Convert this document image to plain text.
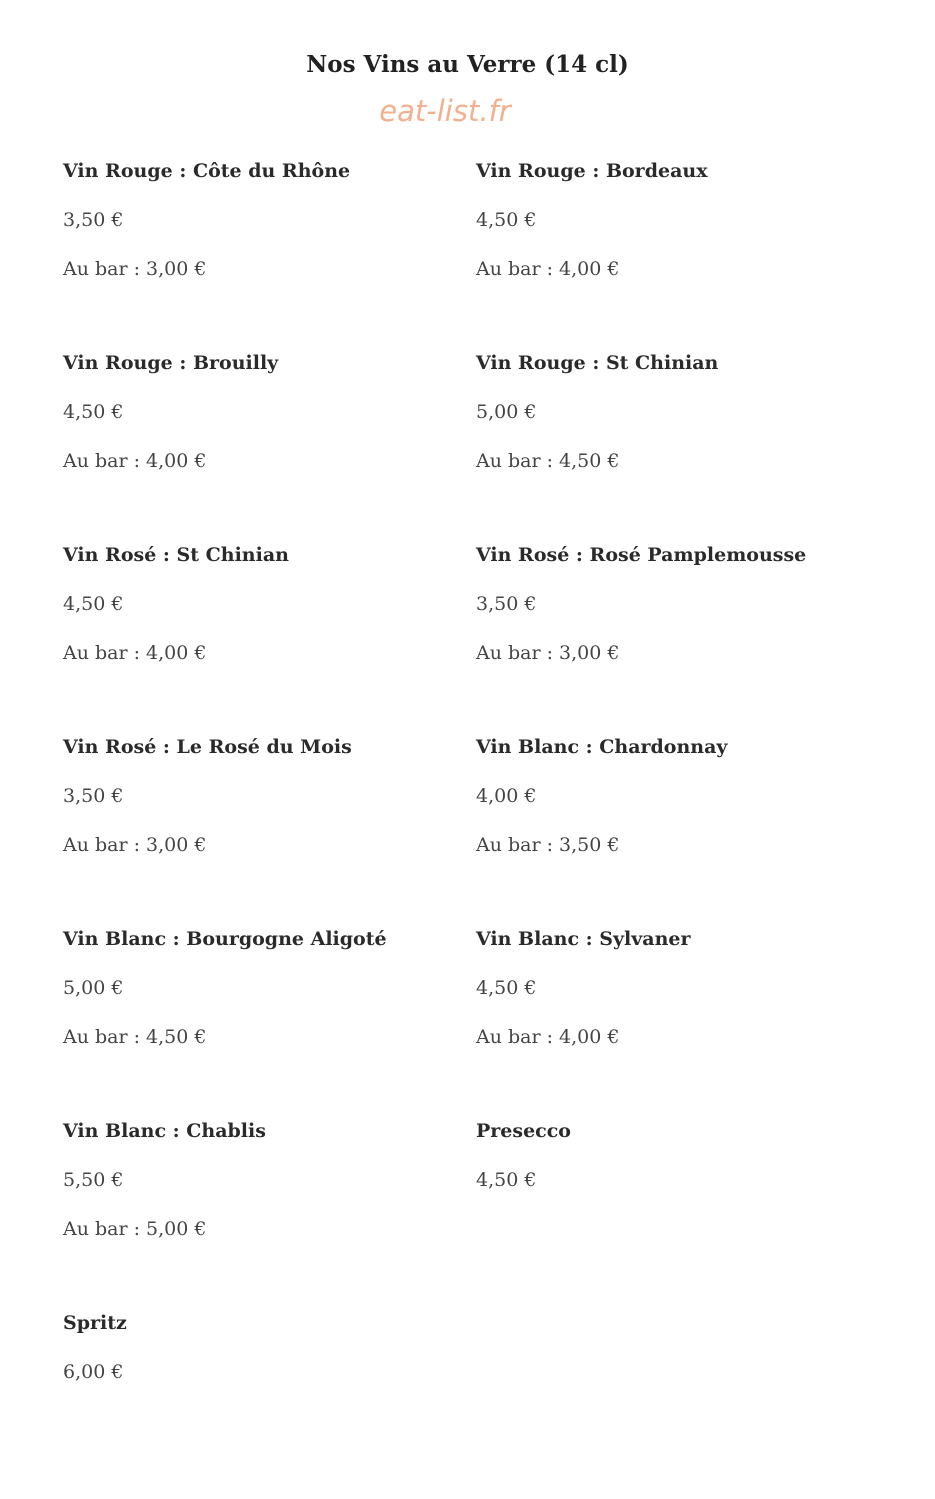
Nos Vins au Verre (14 cl)
eat-list.fr
Vin Rouge : Côte du Rhône
3,50 €
Au bar : 3,00 €
Vin Rouge : Bordeaux
4,50 €
Au bar : 4,00 €
Vin Rouge : Brouilly
4,50 €
Au bar : 4,00 €
Vin Rouge : St Chinian
5,00 €
Au bar : 4,50 €
Vin Rosé : St Chinian
4,50 €
Au bar : 4,00 €
Vin Rosé : Rosé Pamplemousse
3,50 €
Au bar : 3,00 €
Vin Rosé : Le Rosé du Mois
3,50 €
Au bar : 3,00 €
Vin Blanc : Chardonnay
4,00 €
Au bar : 3,50 €
Vin Blanc : Bourgogne Aligoté
5,00 €
Au bar : 4,50 €
Vin Blanc : Sylvaner
4,50 €
Au bar : 4,00 €
Vin Blanc : Chablis
5,50 €
Au bar : 5,00 €
Presecco
4,50 €
Spritz
6,00 €
